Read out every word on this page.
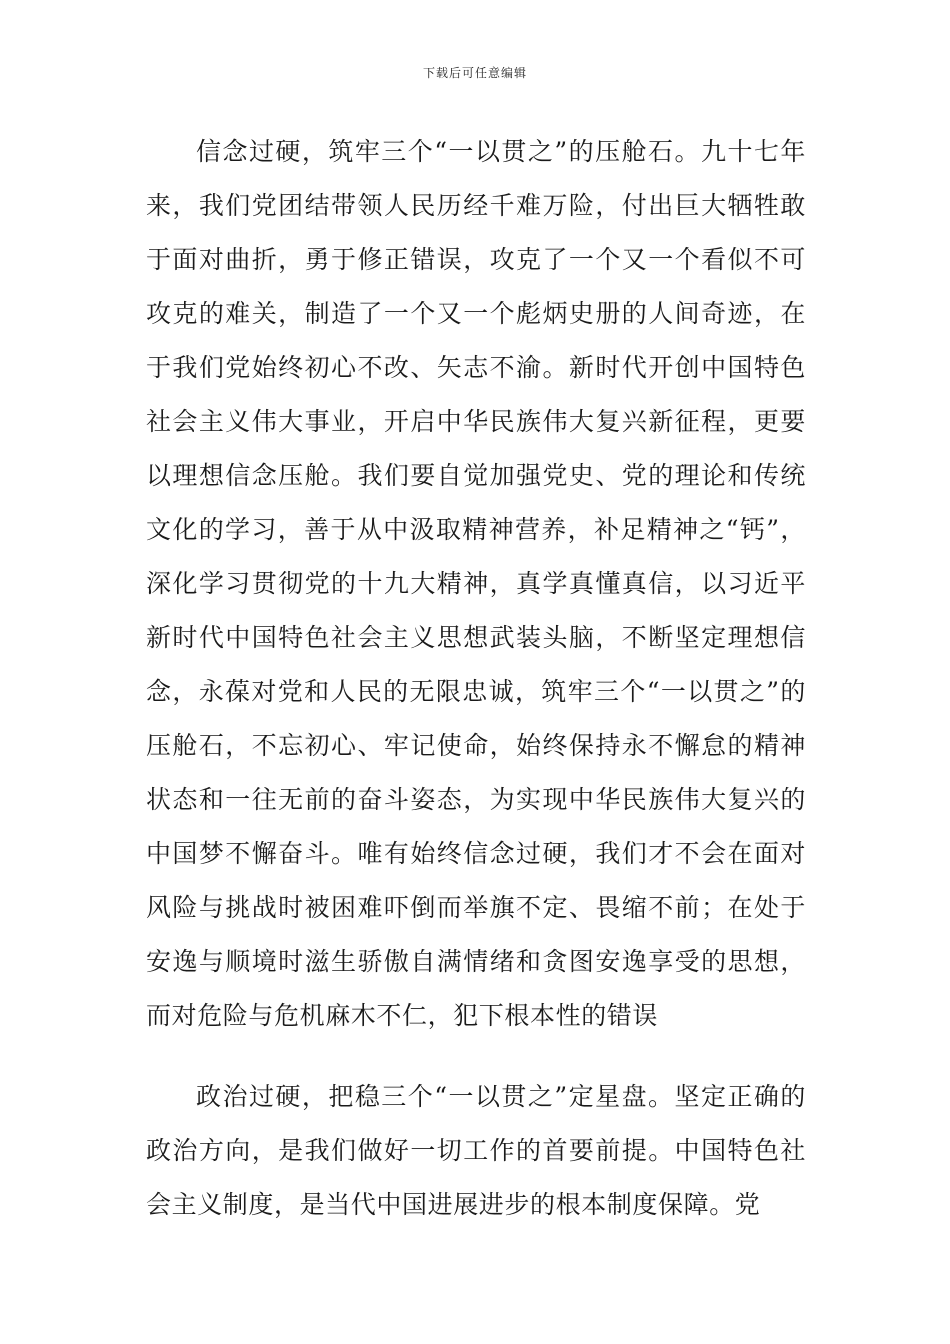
下载后可任意编辑

信念过硬，筑牢三个“一以贯之”的压舱石。九十七年来，我们党团结带领人民历经千难万险，付出巨大牺牲敢于面对曲折，勇于修正错误，攻克了一个又一个看似不可攻克的难关，制造了一个又一个彪炳史册的人间奇迹，在于我们党始终初心不改、矢志不渝。新时代开创中国特色社会主义伟大事业，开启中华民族伟大复兴新征程，更要以理想信念压舱。我们要自觉加强党史、党的理论和传统文化的学习，善于从中汲取精神营养，补足精神之“钙”，深化学习贯彻党的十九大精神，真学真懂真信，以习近平新时代中国特色社会主义思想武装头脑，不断坚定理想信念，永葆对党和人民的无限忠诚，筑牢三个“一以贯之”的压舱石，不忘初心、牢记使命，始终保持永不懈怠的精神状态和一往无前的奋斗姿态，为实现中华民族伟大复兴的中国梦不懈奋斗。唯有始终信念过硬，我们才不会在面对风险与挑战时被困难吓倒而举旗不定、畏缩不前；在处于安逸与顺境时滋生骄傲自满情绪和贪图安逸享受的思想，而对危险与危机麻木不仁，犯下根本性的错误

政治过硬，把稳三个“一以贯之”定星盘。坚定正确的政治方向，是我们做好一切工作的首要前提。中国特色社会主义制度，是当代中国进展进步的根本制度保障。党
